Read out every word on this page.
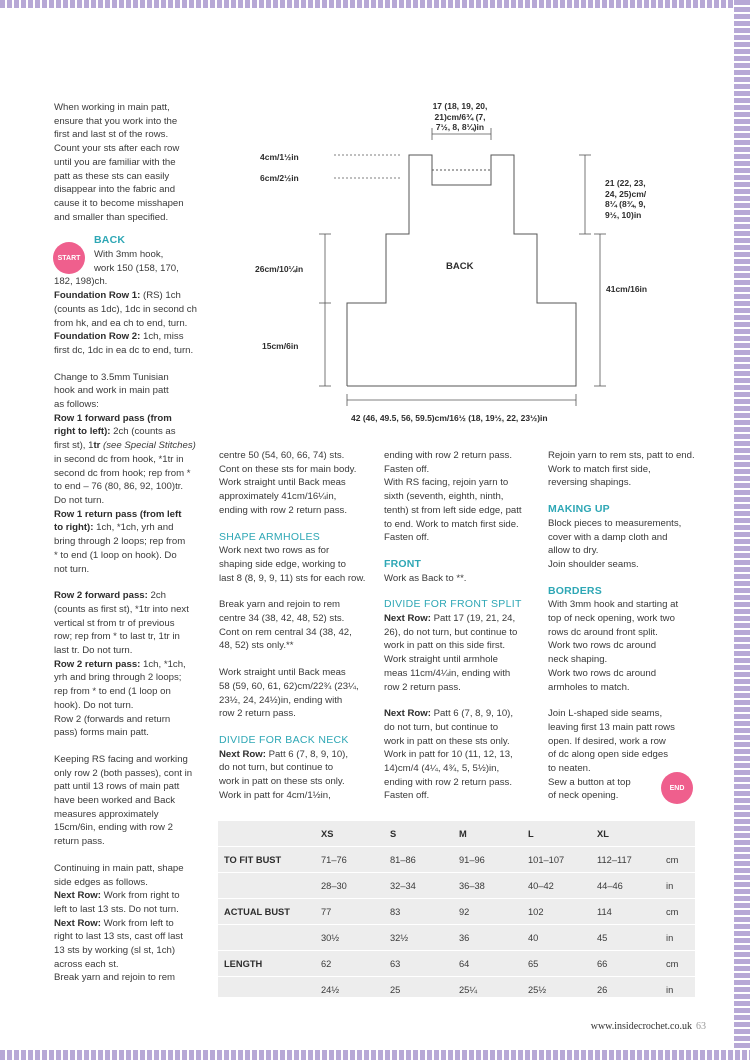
When working in main patt,

ensure that you work into the

first and last st of the rows.

Count your sts after each row

until you are familiar with the

patt as these sts can easily

disappear into the fabric and

cause it to become misshapen

and smaller than specified.

BACK

With 3mm hook,

work 150 (158, 170,

182, 198)ch.

Foundation Row 1: (RS) 1ch

(counts as 1dc), 1dc in second ch

from hk, and ea ch to end, turn.

Foundation Row 2: 1ch, miss

first dc, 1dc in ea dc to end, turn.

Change to 3.5mm Tunisian

hook and work in main patt

as follows:

Row 1 forward pass (from

right to left): 2ch (counts as

first st), 1tr (see Special Stitches)

in second dc from hook, *1tr in

second dc from hook; rep from *

to end – 76 (80, 86, 92, 100)tr.

Do not turn.

Row 1 return pass (from left

to right): 1ch, *1ch, yrh and

bring through 2 loops; rep from

* to end (1 loop on hook). Do

not turn.

Row 2 forward pass: 2ch

(counts as first st), *1tr into next

vertical st from tr of previous

row; rep from * to last tr, 1tr in

last tr. Do not turn.

Row 2 return pass: 1ch, *1ch,

yrh and bring through 2 loops;

rep from * to end (1 loop on

hook). Do not turn.

Row 2 (forwards and return

pass) forms main patt.

Keeping RS facing and working

only row 2 (both passes), cont in

patt until 13 rows of main patt

have been worked and Back

measures approximately

15cm/6in, ending with row 2

return pass.

Continuing in main patt, shape

side edges as follows.

Next Row: Work from right to

left to last 13 sts. Do not turn.

Next Row: Work from left to

right to last 13 sts, cast off last

13 sts by working (sl st, 1ch)

across each st.

Break yarn and rejoin to rem

START

centre 50 (54, 60, 66, 74) sts.

Cont on these sts for main body.

Work straight until Back meas

approximately 41cm/16¼in,

ending with row 2 return pass.

SHAPE ARMHOLES

Work next two rows as for

shaping side edge, working to

last 8 (8, 9, 9, 11) sts for each row.

Break yarn and rejoin to rem

centre 34 (38, 42, 48, 52) sts.

Cont on rem central 34 (38, 42,

48, 52) sts only.**

Work straight until Back meas

58 (59, 60, 61, 62)cm/22¾ (23¼,

23½, 24, 24½)in, ending with

row 2 return pass.

DIVIDE FOR BACK NECK

Next Row: Patt 6 (7, 8, 9, 10),

do not turn, but continue to

work in patt on these sts only.

Work in patt for 4cm/1½in,

ending with row 2 return pass.

Fasten off.

With RS facing, rejoin yarn to

sixth (seventh, eighth, ninth,

tenth) st from left side edge, patt

to end. Work to match first side.

Fasten off.

FRONT

Work as Back to **.

DIVIDE FOR FRONT SPLIT

Next Row: Patt 17 (19, 21, 24,

26), do not turn, but continue to

work in patt on this side first.

Work straight until armhole

meas 11cm/4¼in, ending with

row 2 return pass.

Next Row: Patt 6 (7, 8, 9, 10),

do not turn, but continue to

work in patt on these sts only.

Work in patt for 10 (11, 12, 13,

14)cm/4 (4¼, 4¾, 5, 5½)in,

ending with row 2 return pass.

Fasten off.

Rejoin yarn to rem sts, patt to end.

Work to match first side,

reversing shapings.

MAKING UP

Block pieces to measurements,

cover with a damp cloth and

allow to dry.

Join shoulder seams.

BORDERS

With 3mm hook and starting at

top of neck opening, work two

rows dc around front split.

Work two rows dc around

neck shaping.

Work two rows dc around

armholes to match.

Join L-shaped side seams,

leaving first 13 main patt rows

open. If desired, work a row

of dc along open side edges

to neaten.

Sew a button at top

of neck opening.

END
17 (18, 19, 20,
21)cm/6¾ (7,
7½, 8, 8¼)in
4cm/1½in
6cm/2½in	21 (22, 23,
24, 25)cm/
8¼ (8¾, 9,
9½, 10)in
26cm/10¼in	BACK
41cm/16in
15cm/6in
42 (46, 49.5, 56, 59.5)cm/16½ (18, 19½, 22, 23½)in
	XS	S	M	L	XL	
TO FIT BUST	71–76	81–86	91–96	101–107	112–117	cm
	28–30	32–34	36–38	40–42	44–46	in
ACTUAL BUST	77	83	92	102	114	cm
	30½	32½	36	40	45	in
LENGTH	62	63	64	65	66	cm
	24½	25	25¼	25½	26	in
www.insidecrochet.co.uk 63
